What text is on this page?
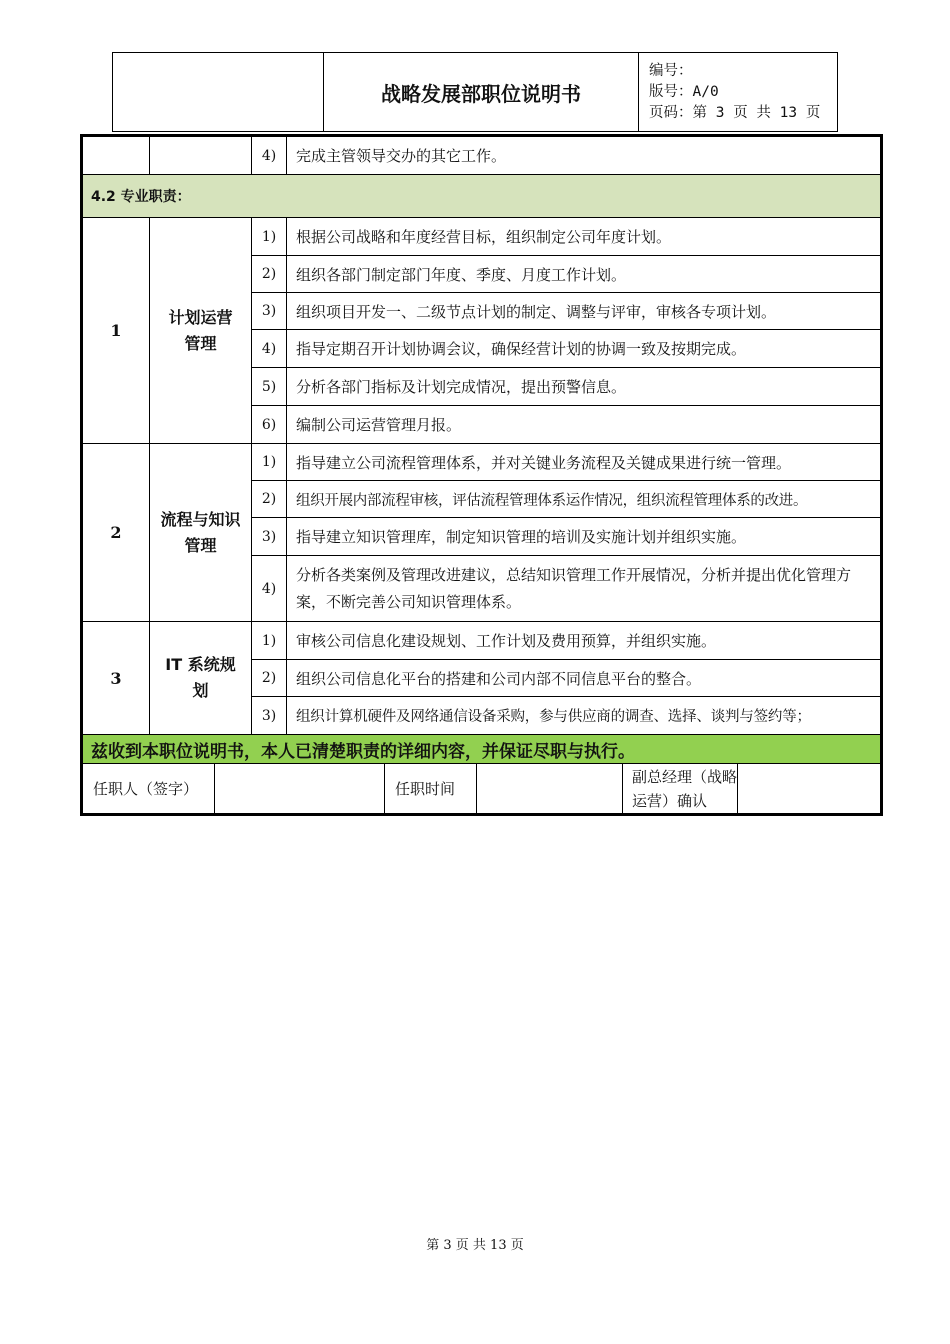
战略发展部职位说明书
编号：
版号：A/0
页码：第 3 页 共 13 页
4)	完成主管领导交办的其它工作。
4.2 专业职责：
1
计划运营管理
1)	根据公司战略和年度经营目标，组织制定公司年度计划。
2)	组织各部门制定部门年度、季度、月度工作计划。
3)	组织项目开发一、二级节点计划的制定、调整与评审，审核各专项计划。
4)	指导定期召开计划协调会议，确保经营计划的协调一致及按期完成。
5)	分析各部门指标及计划完成情况，提出预警信息。
6)	编制公司运营管理月报。
2
流程与知识管理
1)	指导建立公司流程管理体系，并对关键业务流程及关键成果进行统一管理。
2)	组织开展内部流程审核，评估流程管理体系运作情况，组织流程管理体系的改进。
3)	指导建立知识管理库，制定知识管理的培训及实施计划并组织实施。
4)
分析各类案例及管理改进建议，总结知识管理工作开展情况，分析并提出优化管理方案，不断完善公司知识管理体系。
3
IT 系统规划
1)	审核公司信息化建设规划、工作计划及费用预算，并组织实施。
2)	组织公司信息化平台的搭建和公司内部不同信息平台的整合。
3)	组织计算机硬件及网络通信设备采购，参与供应商的调查、选择、谈判与签约等；
兹收到本职位说明书，本人已清楚职责的详细内容，并保证尽职与执行。
任职人（签字）	任职时间
副总经理（战略运营）确认
第 3 页 共 13 页
